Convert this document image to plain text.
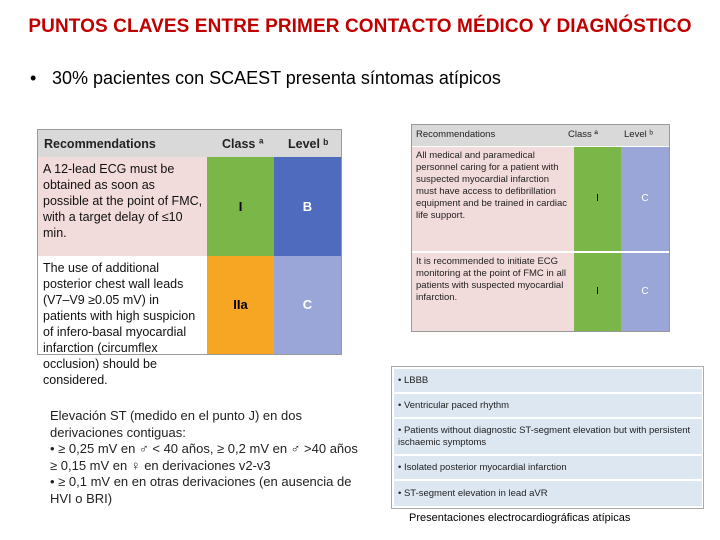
PUNTOS CLAVES ENTRE PRIMER CONTACTO MÉDICO Y DIAGNÓSTICO
• 30% pacientes con SCAEST presenta síntomas atípicos
Recommendations	Class ª Level ᵇ
A 12-lead ECG must be obtained as soon as possible at the point of FMC, with a target delay of ≤10 min.
I	B
The use of additional posterior chest wall leads (V7–V9 ≥0.05 mV) in patients with high suspicion of infero-basal myocardial infarction (circumflex occlusion) should be considered.
IIa	C
Recommendations	Class ª	Level ᵇ
All medical and paramedical personnel caring for a patient with suspected myocardial infarction must have access to defibrillation equipment and be trained in cardiac life support.
I	C
It is recommended to initiate ECG monitoring at the point of FMC in all patients with suspected myocardial infarction.
I	C
• LBBB
• Ventricular paced rhythm
• Patients without diagnostic ST-segment elevation but with persistent ischaemic symptoms
• Isolated posterior myocardial infarction
• ST-segment elevation in lead aVR
Elevación ST (medido en el punto J) en dos derivaciones contiguas:
• ≥ 0,25 mV en ♂ < 40 años, ≥ 0,2 mV en ♂ >40 años ≥ 0,15 mV en ♀ en derivaciones v2-v3
• ≥ 0,1 mV en en otras derivaciones (en ausencia de HVI o BRI)
Presentaciones electrocardiográficas atípicas
